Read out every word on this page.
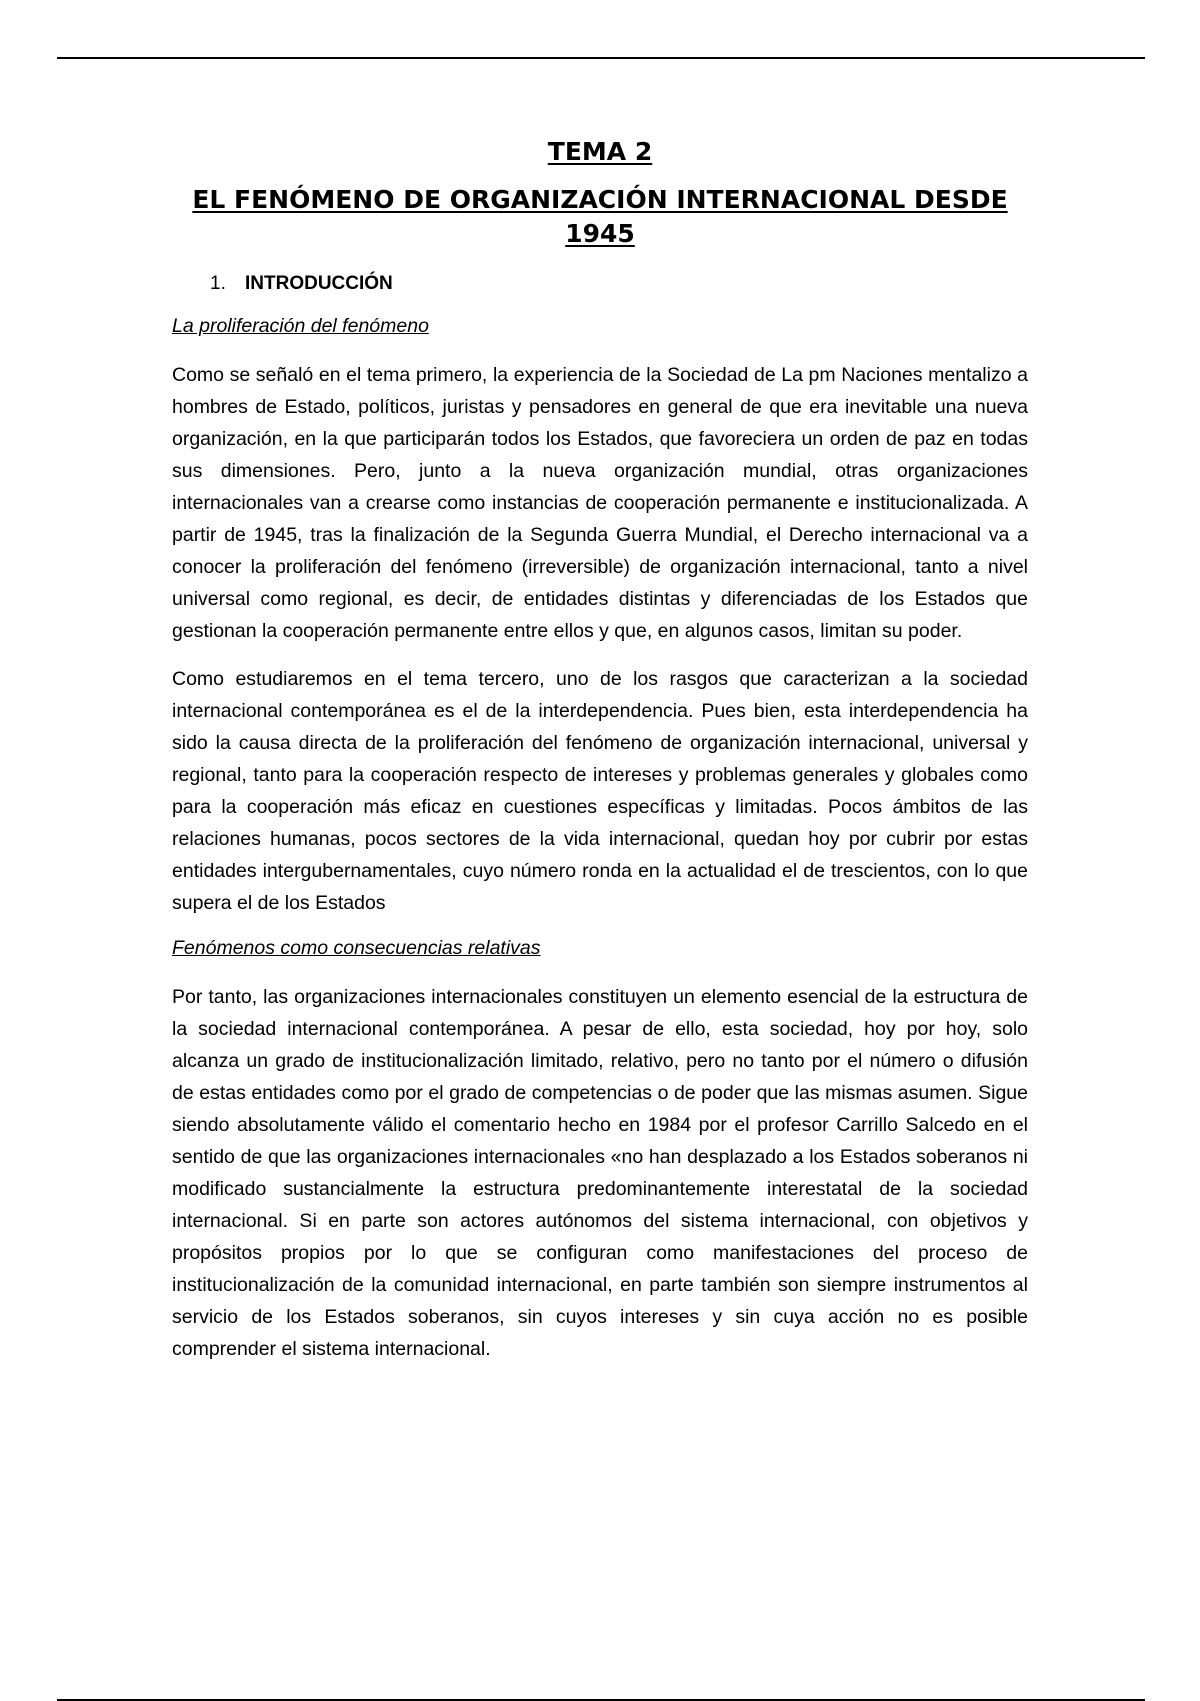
TEMA 2
EL FENÓMENO DE ORGANIZACIÓN INTERNACIONAL DESDE 1945
1.	INTRODUCCIÓN

La proliferación del fenómeno

Como se señaló en el tema primero, la experiencia de la Sociedad de La pm Naciones mentalizo a hombres de Estado, políticos, juristas y pensadores en general de que era inevitable una nueva organización, en la que participarán todos los Estados, que favoreciera un orden de paz en todas sus dimensiones. Pero, junto a la nueva organización mundial, otras organizaciones internacionales van a crearse como instancias de cooperación permanente e institucionalizada. A partir de 1945, tras la finalización de la Segunda Guerra Mundial, el Derecho internacional va a conocer la proliferación del fenómeno (irreversible) de organización internacional, tanto a nivel universal como regional, es decir, de entidades distintas y diferenciadas de los Estados que gestionan la cooperación permanente entre ellos y que, en algunos casos, limitan su poder.

Como estudiaremos en el tema tercero, uno de los rasgos que caracterizan a la sociedad internacional contemporánea es el de la interdependencia. Pues bien, esta interdependencia ha sido la causa directa de la proliferación del fenómeno de organización internacional, universal y regional, tanto para la cooperación respecto de intereses y problemas generales y globales como para la cooperación más eficaz en cuestiones específicas y limitadas. Pocos ámbitos de las relaciones humanas, pocos sectores de la vida internacional, quedan hoy por cubrir por estas entidades intergubernamentales, cuyo número ronda en la actualidad el de trescientos, con lo que supera el de los Estados

Fenómenos como consecuencias relativas

Por tanto, las organizaciones internacionales constituyen un elemento esencial de la estructura de la sociedad internacional contemporánea. A pesar de ello, esta sociedad, hoy por hoy, solo alcanza un grado de institucionalización limitado, relativo, pero no tanto por el número o difusión de estas entidades como por el grado de competencias o de poder que las mismas asumen. Sigue siendo absolutamente válido el comentario hecho en 1984 por el profesor Carrillo Salcedo en el sentido de que las organizaciones internacionales «no han desplazado a los Estados soberanos ni modificado sustancialmente la estructura predominantemente interestatal de la sociedad internacional. Si en parte son actores autónomos del sistema internacional, con objetivos y propósitos propios por lo que se configuran como manifestaciones del proceso de institucionalización de la comunidad internacional, en parte también son siempre instrumentos al servicio de los Estados soberanos, sin cuyos intereses y sin cuya acción no es posible comprender el sistema internacional.
